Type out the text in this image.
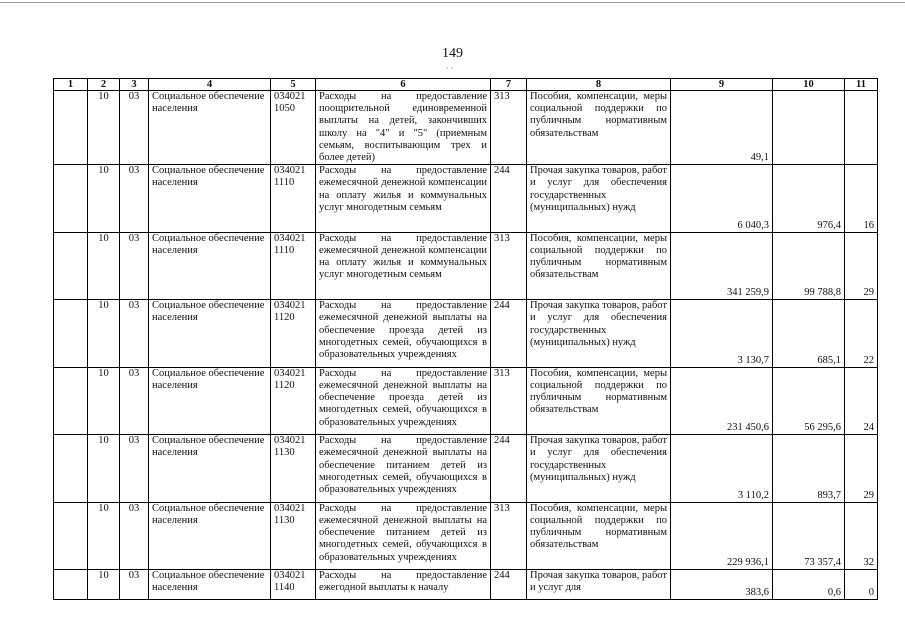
149
· ·
1	2	3	4	5	6	7	8	9	10	11
	10	03	Социальное обеспечение населения	034021 1050	Расходы на предоставление поощрительной единовременной выплаты на детей, закончивших школу на "4" и "5" (приемным семьям, воспитывающим трех и более детей)	313	Пособия, компенсации, меры социальной поддержки по публичным нормативным обязательствам	49,1		
	10	03	Социальное обеспечение населения	034021 1110	Расходы на предоставление ежемесячной денежной компенсации на оплату жилья и коммунальных услуг многодетным семьям	244	Прочая закупка товаров, работ и услуг для обеспечения государственных (муниципальных) нужд	6 040,3	976,4	16
	10	03	Социальное обеспечение населения	034021 1110	Расходы на предоставление ежемесячной денежной компенсации на оплату жилья и коммунальных услуг многодетным семьям	313	Пособия, компенсации, меры социальной поддержки по публичным нормативным обязательствам	341 259,9	99 788,8	29
	10	03	Социальное обеспечение населения	034021 1120	Расходы на предоставление ежемесячной денежной выплаты на обеспечение проезда детей из многодетных семей, обучающихся в образовательных учреждениях	244	Прочая закупка товаров, работ и услуг для обеспечения государственных (муниципальных) нужд	3 130,7	685,1	22
	10	03	Социальное обеспечение населения	034021 1120	Расходы на предоставление ежемесячной денежной выплаты на обеспечение проезда детей из многодетных семей, обучающихся в образовательных учреждениях	313	Пособия, компенсации, меры социальной поддержки по публичным нормативным обязательствам	231 450,6	56 295,6	24
	10	03	Социальное обеспечение населения	034021 1130	Расходы на предоставление ежемесячной денежной выплаты на обеспечение питанием детей из многодетных семей, обучающихся в образовательных учреждениях	244	Прочая закупка товаров, работ и услуг для обеспечения государственных (муниципальных) нужд	3 110,2	893,7	29
	10	03	Социальное обеспечение населения	034021 1130	Расходы на предоставление ежемесячной денежной выплаты на обеспечение питанием детей из многодетных семей, обучающихся в образовательных учреждениях	313	Пособия, компенсации, меры социальной поддержки по публичным нормативным обязательствам	229 936,1	73 357,4	32
	10	03	Социальное обеспечение населения	034021 1140	Расходы на предоставление ежегодной выплаты к началу	244	Прочая закупка товаров, работ и услуг для	383,6	0,6	0
